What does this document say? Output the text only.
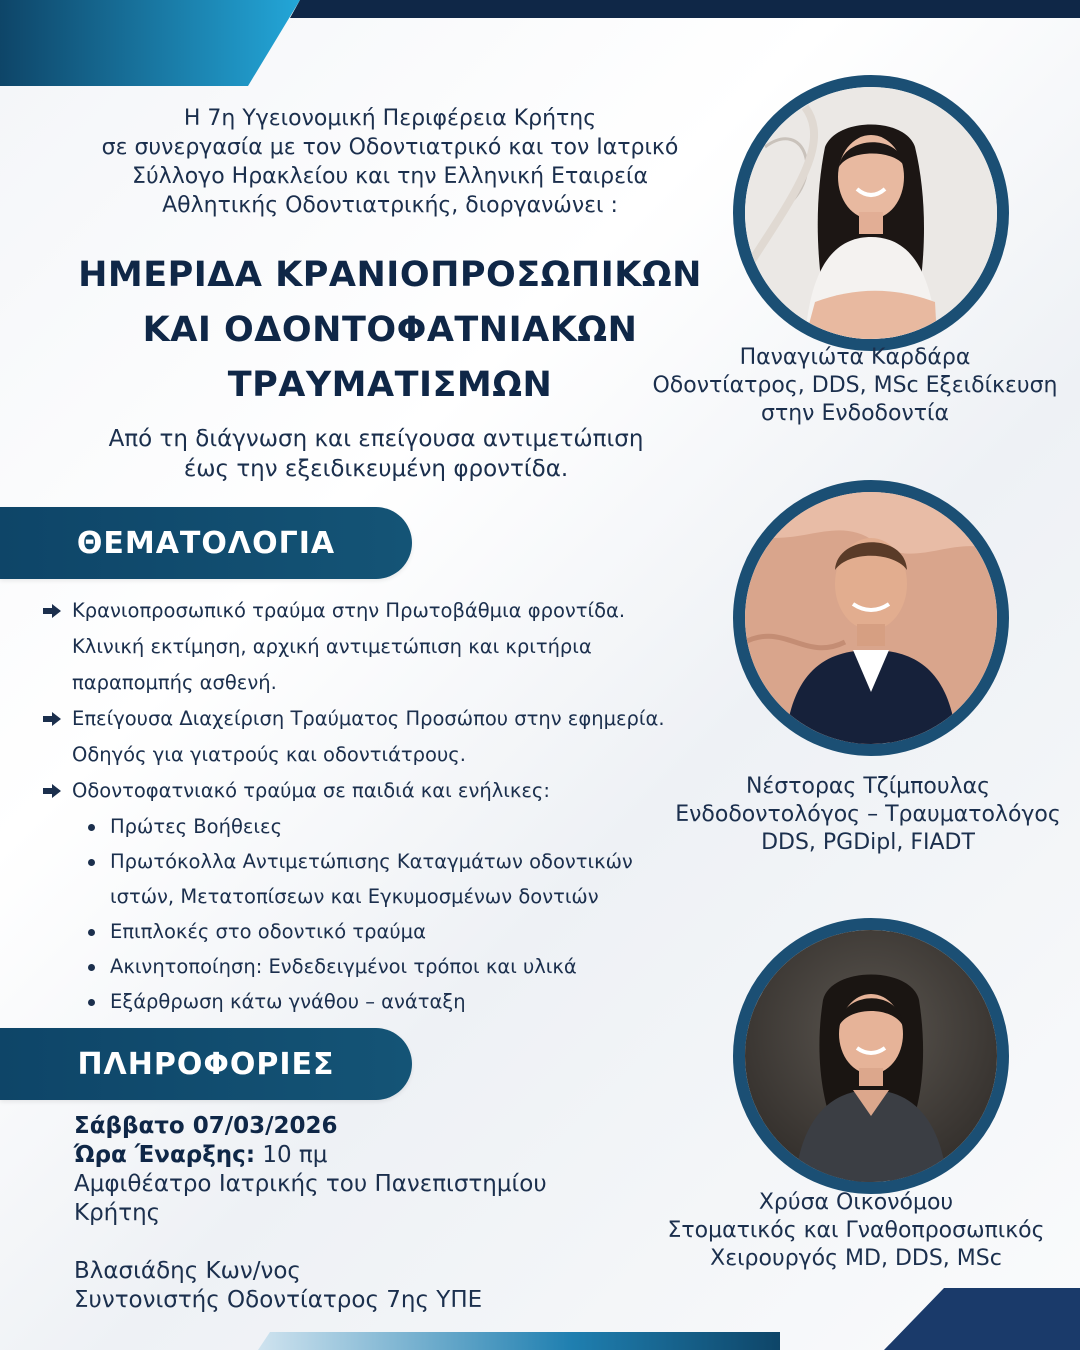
Η 7η Υγειονομική Περιφέρεια Κρήτης
σε συνεργασία με τον Οδοντιατρικό και τον Ιατρικό
Σύλλογο Ηρακλείου και την Ελληνική Εταιρεία
Αθλητικής Οδοντιατρικής, διοργανώνει :
ΗΜΕΡΙΔΑ ΚΡΑΝΙΟΠΡΟΣΩΠΙΚΩΝ
ΚΑΙ ΟΔΟΝΤΟΦΑΤΝΙΑΚΩΝ
ΤΡΑΥΜΑΤΙΣΜΩΝ
Από τη διάγνωση και επείγουσα αντιμετώπιση
έως την εξειδικευμένη φροντίδα.
ΘΕΜΑΤΟΛΟΓΙΑ
Κρανιοπροσωπικό τραύμα στην Πρωτοβάθμια φροντίδα.
Κλινική εκτίμηση, αρχική αντιμετώπιση και κριτήρια
παραπομπής ασθενή.
Επείγουσα Διαχείριση Τραύματος Προσώπου στην εφημερία.
Οδηγός για γιατρούς και οδοντιάτρους.
Οδοντοφατνιακό τραύμα σε παιδιά και ενήλικες:
Πρώτες Βοήθειες
Πρωτόκολλα Αντιμετώπισης Καταγμάτων οδοντικών
ιστών, Μετατοπίσεων και Εγκυμοσμένων δοντιών
Επιπλοκές στο οδοντικό τραύμα
Ακινητοποίηση: Ενδεδειγμένοι τρόποι και υλικά
Εξάρθρωση κάτω γνάθου – ανάταξη
ΠΛΗΡΟΦΟΡΙΕΣ
Σάββατο 07/03/2026
Ώρα Έναρξης: 10 πμ
Αμφιθέατρο Ιατρικής του Πανεπιστημίου
Κρήτης
Βλασιάδης Κων/νος
Συντονιστής Οδοντίατρος 7ης ΥΠΕ
Παναγιώτα Καρδάρα
Οδοντίατρος, DDS, MSc Εξειδίκευση
στην Ενδοδοντία
Νέστορας Τζίμπουλας
Ενδοδοντολόγος – Τραυματολόγος
DDS, PGDipl, FIADT
Χρύσα Οικονόμου
Στοματικός και Γναθοπροσωπικός
Χειρουργός MD, DDS, MSc
